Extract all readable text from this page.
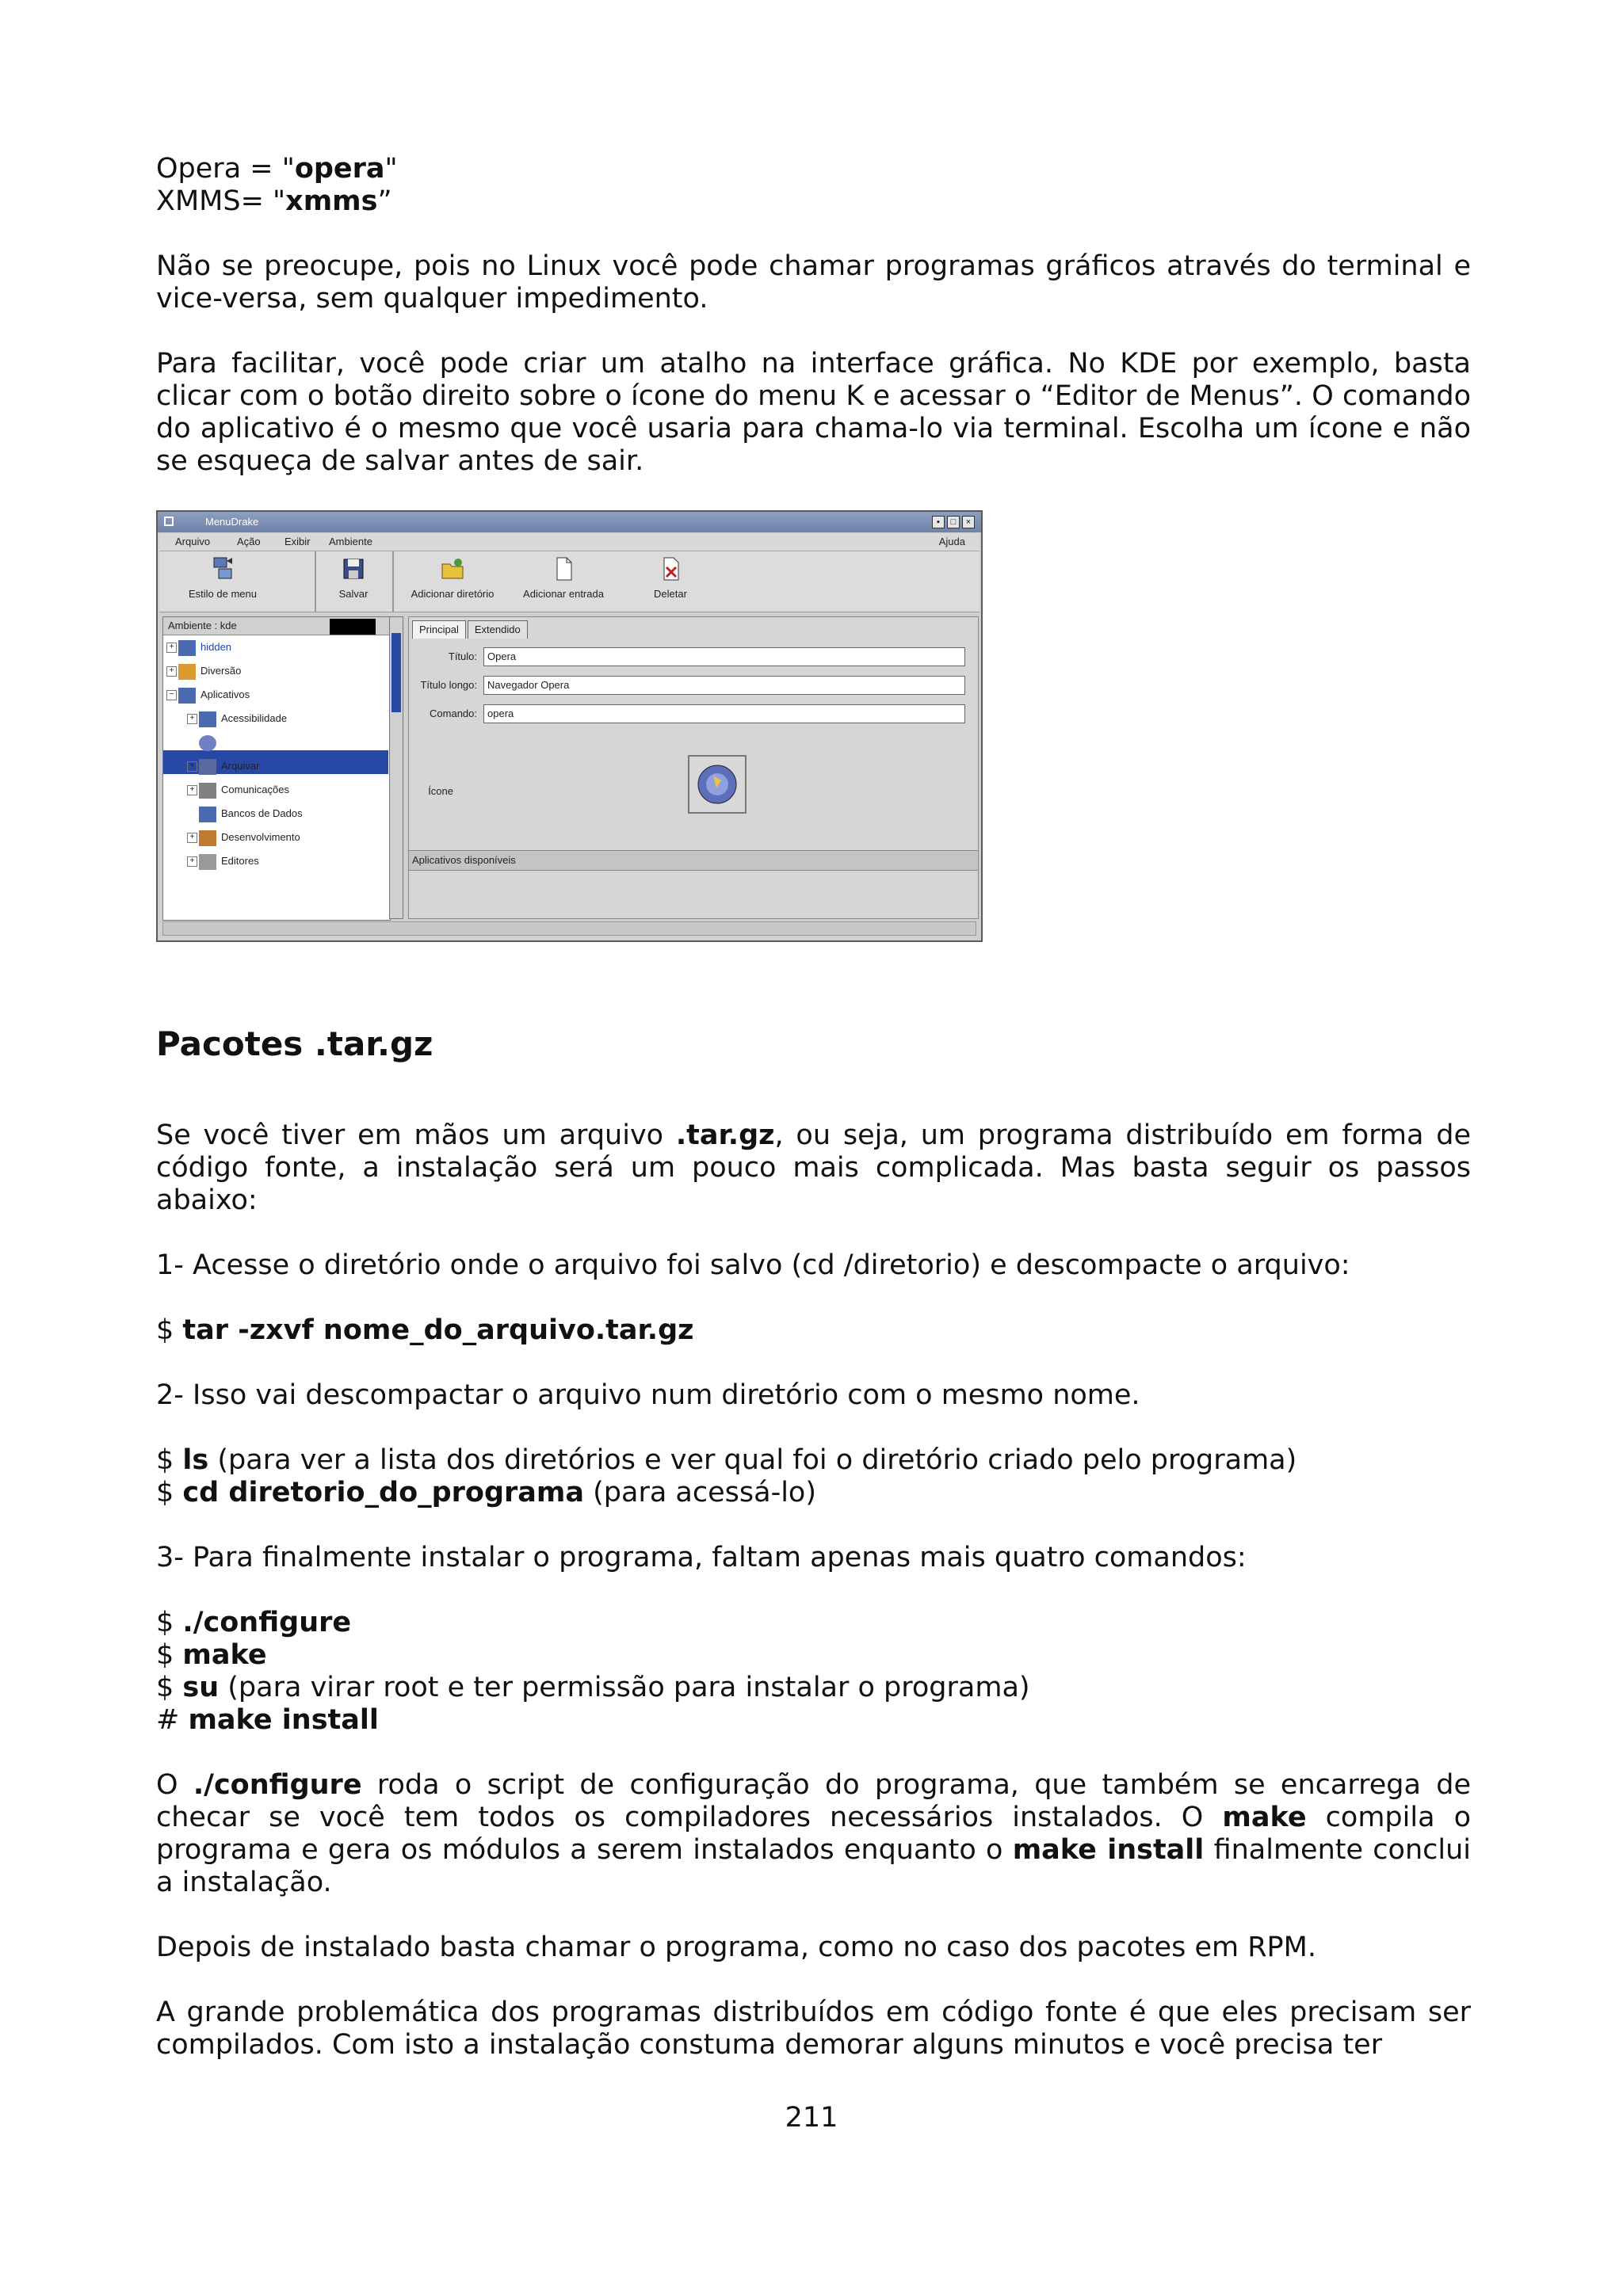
Opera = "opera"
XMMS= "xmms”

Não se preocupe, pois no Linux você pode chamar programas gráficos através do terminal e vice-versa, sem qualquer impedimento.

Para facilitar, você pode criar um atalho na interface gráfica. No KDE por exemplo, basta clicar com o botão direito sobre o ícone do menu K e acessar o “Editor de Menus”. O comando do aplicativo é o mesmo que você usaria para chama-lo via terminal. Escolha um ícone e não se esqueça de salvar antes de sair.

MenuDrake	▪	□	×
Arquivo	Ação Exibir Ambiente	Ajuda
Estilo de menu	Salvar	Adicionar diretório	Adicionar entrada	Deletar
Ambiente : kde
+	hidden
+	Diversão
−	Aplicativos
+	Acessibilidade
Opera
+	Arquivar
+	Comunicações
Bancos de Dados
+	Desenvolvimento
+	Editores
Principal Extendido
Título:	Opera
Título longo:	Navegador Opera
Comando:	opera
Ícone
Aplicativos disponíveis
Pacotes .tar.gz

Se você tiver em mãos um arquivo .tar.gz, ou seja, um programa distribuído em forma de código fonte, a instalação será um pouco mais complicada. Mas basta seguir os passos abaixo:

1- Acesse o diretório onde o arquivo foi salvo (cd /diretorio) e descompacte o arquivo:

$ tar -zxvf nome_do_arquivo.tar.gz

2- Isso vai descompactar o arquivo num diretório com o mesmo nome.

$ ls (para ver a lista dos diretórios e ver qual foi o diretório criado pelo programa)
$ cd diretorio_do_programa (para acessá-lo)

3- Para finalmente instalar o programa, faltam apenas mais quatro comandos:

$ ./configure
$ make
$ su (para virar root e ter permissão para instalar o programa)
# make install

O ./configure roda o script de configuração do programa, que também se encarrega de checar se você tem todos os compiladores necessários instalados. O make compila o programa e gera os módulos a serem instalados enquanto o make install finalmente conclui a instalação.

Depois de instalado basta chamar o programa, como no caso dos pacotes em RPM.

A grande problemática dos programas distribuídos em código fonte é que eles precisam ser compilados. Com isto a instalação constuma demorar alguns minutos e você precisa ter

211
